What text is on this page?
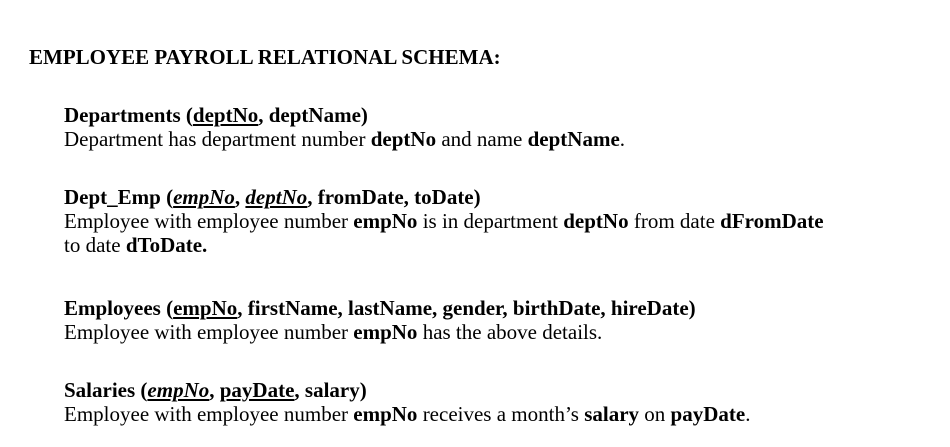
EMPLOYEE PAYROLL RELATIONAL SCHEMA:
Departments (deptNo, deptName)
Department has department number deptNo and name deptName.
Dept_Emp (empNo, deptNo, fromDate, toDate)
Employee with employee number empNo is in department deptNo from date dFromDate
to date dToDate.
Employees (empNo, firstName, lastName, gender, birthDate, hireDate)
Employee with employee number empNo has the above details.
Salaries (empNo, payDate, salary)
Employee with employee number empNo receives a month’s salary on payDate.
